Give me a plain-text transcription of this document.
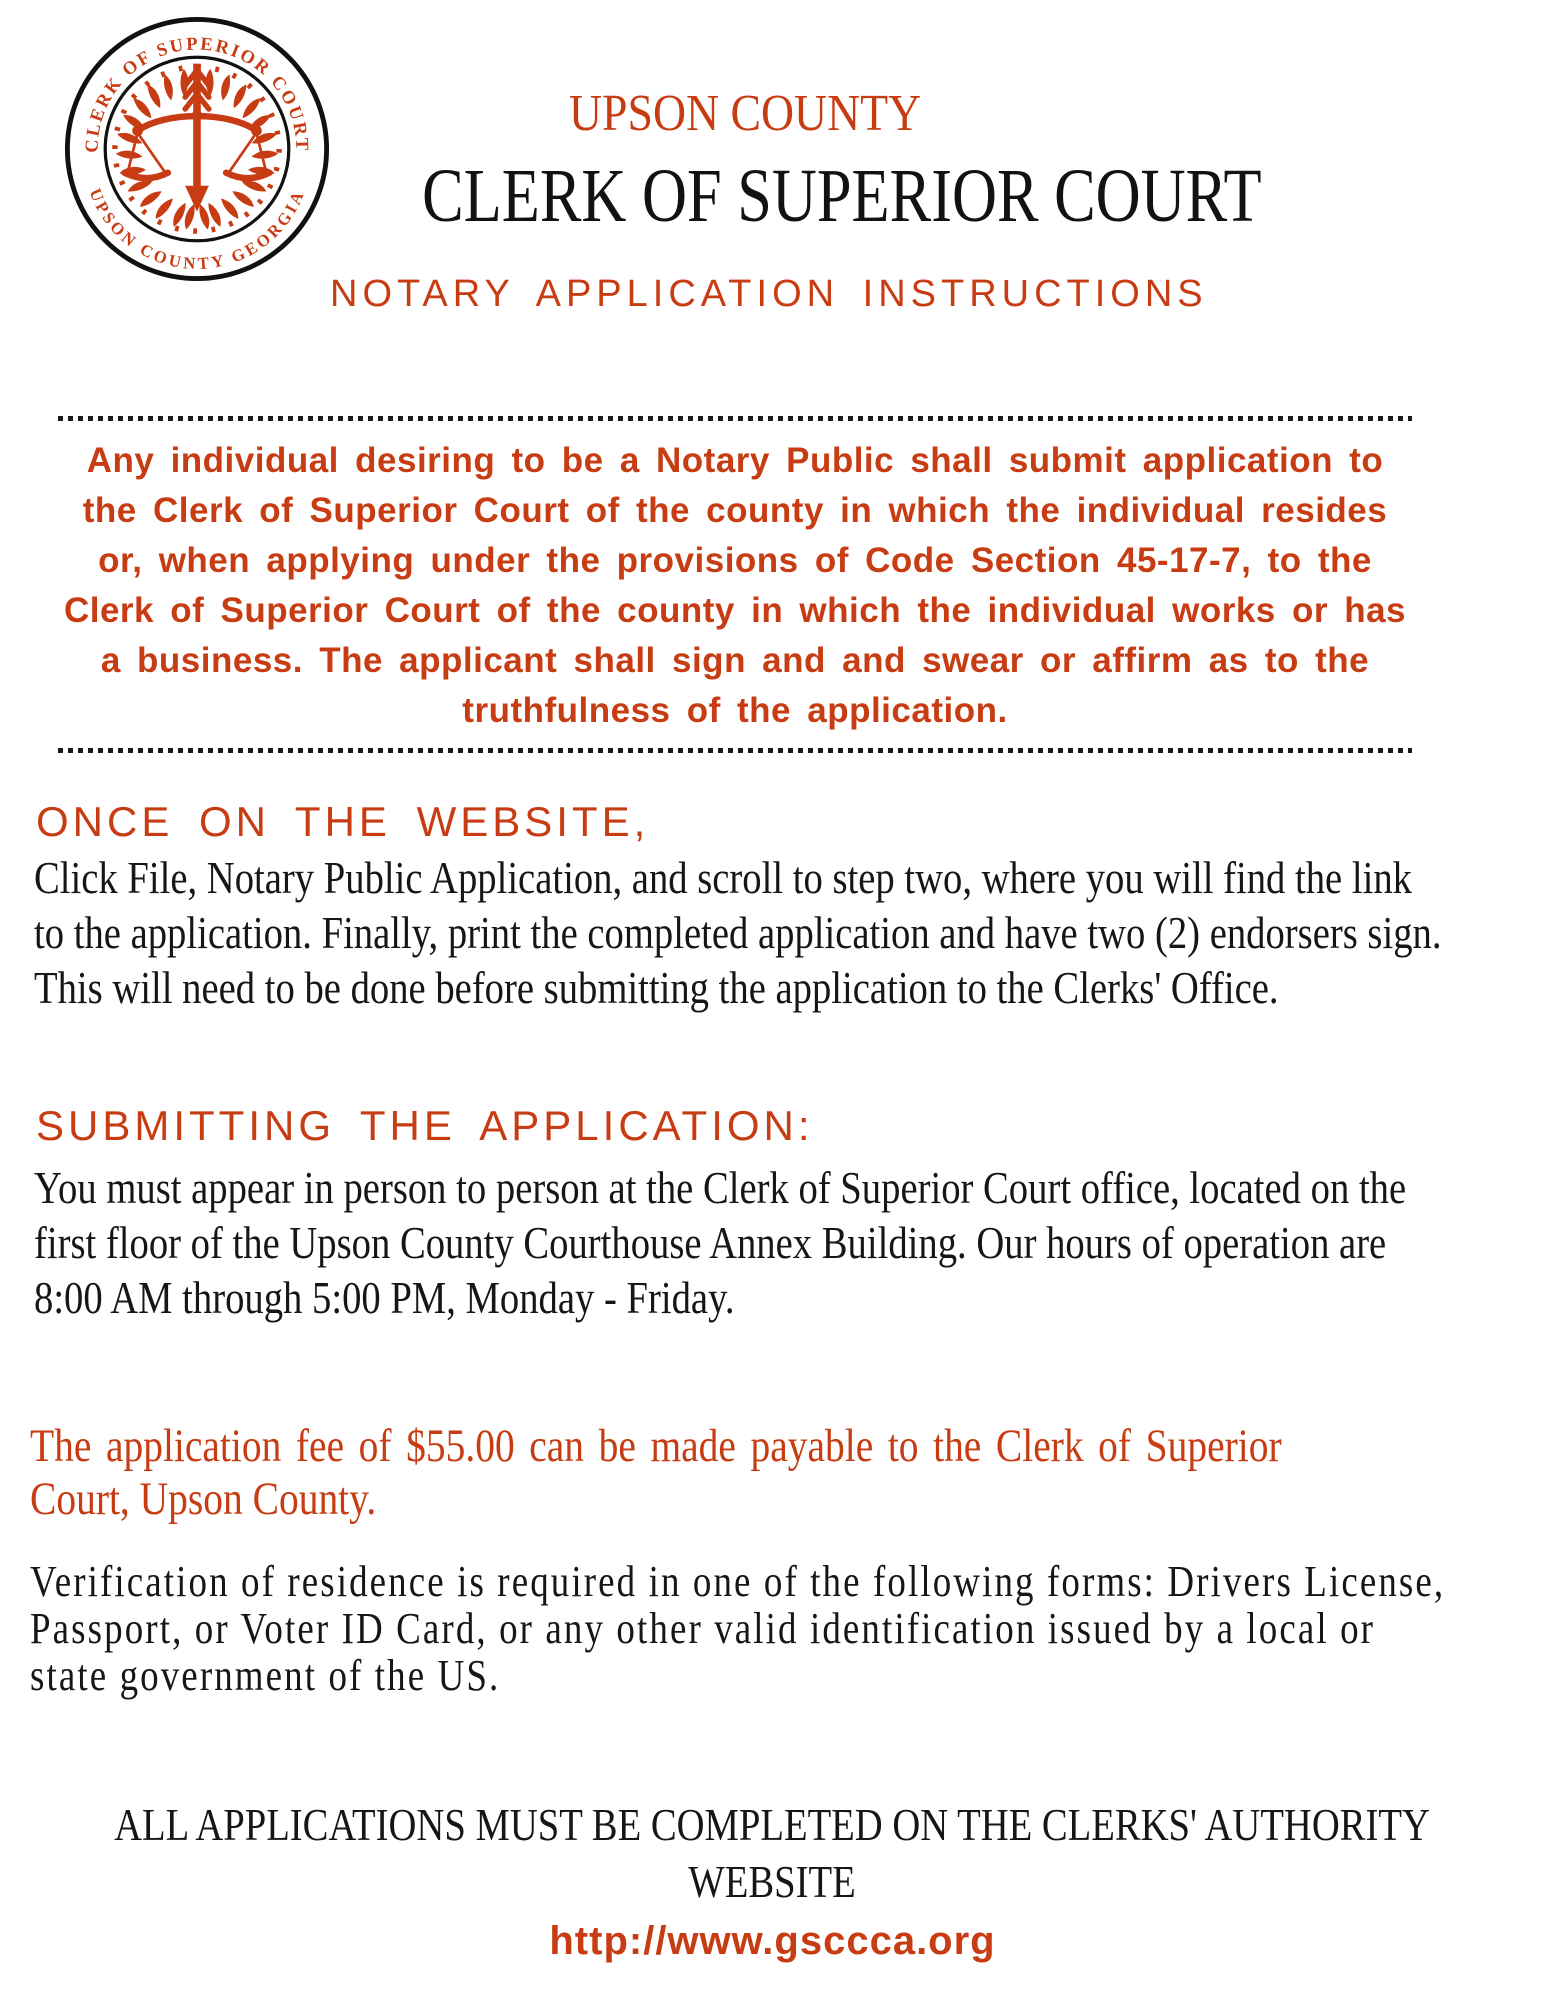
CLERK OF SUPERIOR COURT
UPSON COUNTY GEORGIA
UPSON COUNTY
CLERK OF SUPERIOR COURT
NOTARY APPLICATION INSTRUCTIONS
Any individual desiring to be a Notary Public shall submit application to the Clerk of Superior Court of the county in which the individual resides or, when applying under the provisions of Code Section 45-17-7, to the Clerk of Superior Court of the county in which the individual works or has a business. The applicant shall sign and and swear or affirm as to the truthfulness of the application.
ONCE ON THE WEBSITE,
Click File, Notary Public Application, and scroll to step two, where you will find the link to the application. Finally, print the completed application and have two (2) endorsers sign. This will need to be done before submitting the application to the Clerks' Office.
SUBMITTING THE APPLICATION:
You must appear in person to person at the Clerk of Superior Court office, located on the first floor of the Upson County Courthouse Annex Building. Our hours of operation are 8:00 AM through 5:00 PM, Monday - Friday.
The application fee of $55.00 can be made payable to the Clerk of Superior Court, Upson County.
Verification of residence is required in one of the following forms: Drivers License, Passport, or Voter ID Card, or any other valid identification issued by a local or state government of the US.
ALL APPLICATIONS MUST BE COMPLETED ON THE CLERKS' AUTHORITY WEBSITE
http://www.gsccca.org
